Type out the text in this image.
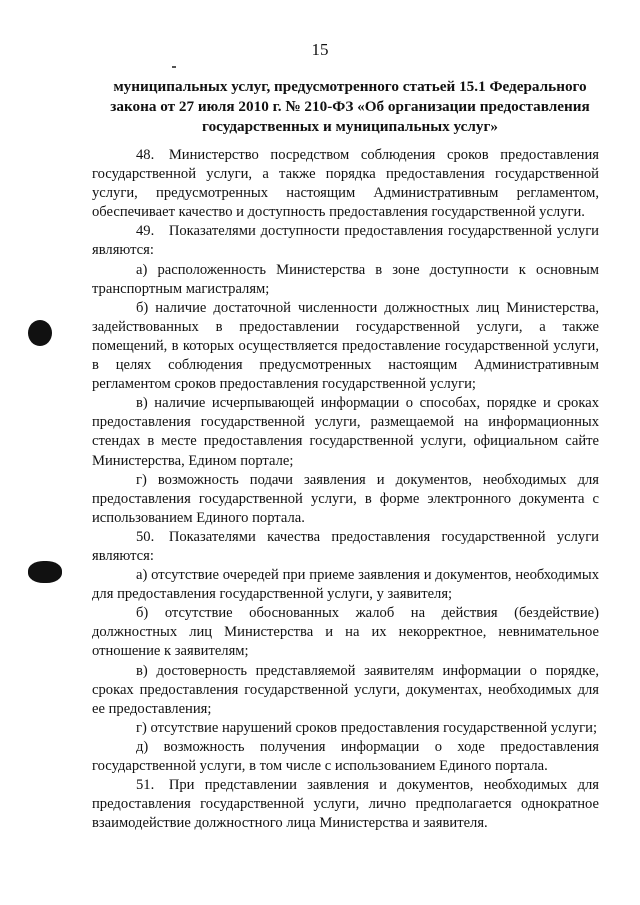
15
муниципальных услуг, предусмотренного статьей 15.1 Федерального
закона от 27 июля 2010 г. № 210-ФЗ «Об организации предоставления
государственных и муниципальных услуг»

48. Министерство посредством соблюдения сроков предоставления государственной услуги, а также порядка предоставления государственной услуги, предусмотренных настоящим Административным регламентом, обеспечивает качество и доступность предоставления государственной услуги.

49. Показателями доступности предоставления государственной услуги являются:

а) расположенность Министерства в зоне доступности к основным транспортным магистралям;

б) наличие достаточной численности должностных лиц Министерства, задействованных в предоставлении государственной услуги, а также помещений, в которых осуществляется предоставление государственной услуги, в целях соблюдения предусмотренных настоящим Административным регламентом сроков предоставления государственной услуги;

в) наличие исчерпывающей информации о способах, порядке и сроках предоставления государственной услуги, размещаемой на информационных стендах в месте предоставления государственной услуги, официальном сайте Министерства, Едином портале;

г) возможность подачи заявления и документов, необходимых для предоставления государственной услуги, в форме электронного документа с использованием Единого портала.

50. Показателями качества предоставления государственной услуги являются:

а) отсутствие очередей при приеме заявления и документов, необходимых для предоставления государственной услуги, у заявителя;

б) отсутствие обоснованных жалоб на действия (бездействие) должностных лиц Министерства и на их некорректное, невнимательное отношение к заявителям;

в) достоверность представляемой заявителям информации о порядке, сроках предоставления государственной услуги, документах, необходимых для ее предоставления;

г) отсутствие нарушений сроков предоставления государственной услуги;

д) возможность получения информации о ходе предоставления государственной услуги, в том числе с использованием Единого портала.

51. При представлении заявления и документов, необходимых для предоставления государственной услуги, лично предполагается однократное взаимодействие должностного лица Министерства и заявителя.
